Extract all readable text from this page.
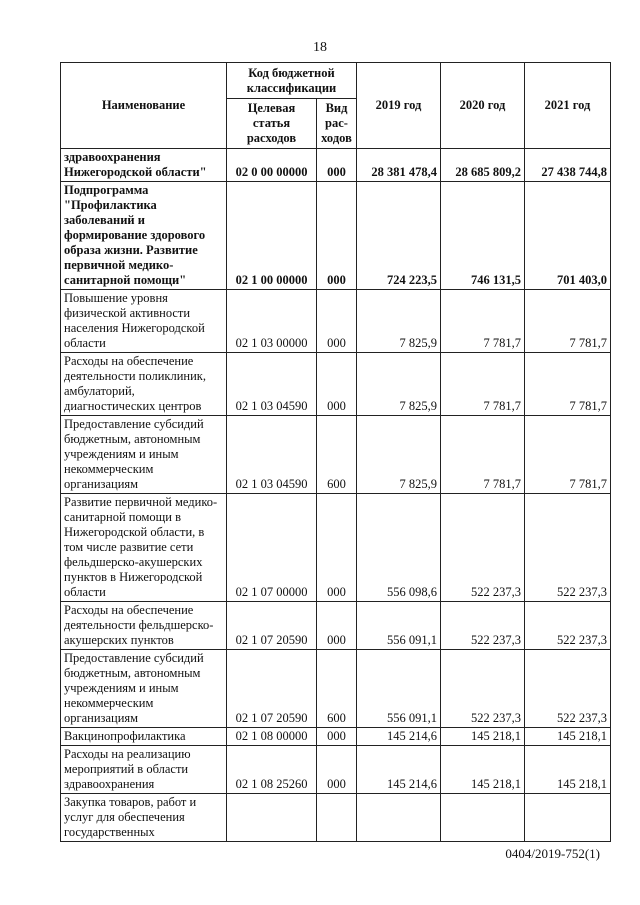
18
Наименование	Код бюджетной классификации		2019 год	2020 год	2021 год
	Целевая статья расходов	Вид рас-ходов			
здравоохранения Нижегородской области"	02 0 00 00000	000	28 381 478,4	28 685 809,2	27 438 744,8
Подпрограмма "Профилактика заболеваний и формирование здорового образа жизни. Развитие первичной медико-санитарной помощи"	02 1 00 00000	000	724 223,5	746 131,5	701 403,0
Повышение уровня физической активности населения Нижегородской области	02 1 03 00000	000	7 825,9	7 781,7	7 781,7
Расходы на обеспечение деятельности поликлиник, амбулаторий, диагностических центров	02 1 03 04590	000	7 825,9	7 781,7	7 781,7
Предоставление субсидий бюджетным, автономным учреждениям и иным некоммерческим организациям	02 1 03 04590	600	7 825,9	7 781,7	7 781,7
Развитие первичной медико-санитарной помощи в Нижегородской области, в том числе развитие сети фельдшерско-акушерских пунктов в Нижегородской области	02 1 07 00000	000	556 098,6	522 237,3	522 237,3
Расходы на обеспечение деятельности фельдшерско-акушерских пунктов	02 1 07 20590	000	556 091,1	522 237,3	522 237,3
Предоставление субсидий бюджетным, автономным учреждениям и иным некоммерческим организациям	02 1 07 20590	600	556 091,1	522 237,3	522 237,3
Вакцинопрофилактика	02 1 08 00000	000	145 214,6	145 218,1	145 218,1
Расходы на реализацию мероприятий в области здравоохранения	02 1 08 25260	000	145 214,6	145 218,1	145 218,1
Закупка товаров, работ и услуг для обеспечения государственных					
0404/2019-752(1)
